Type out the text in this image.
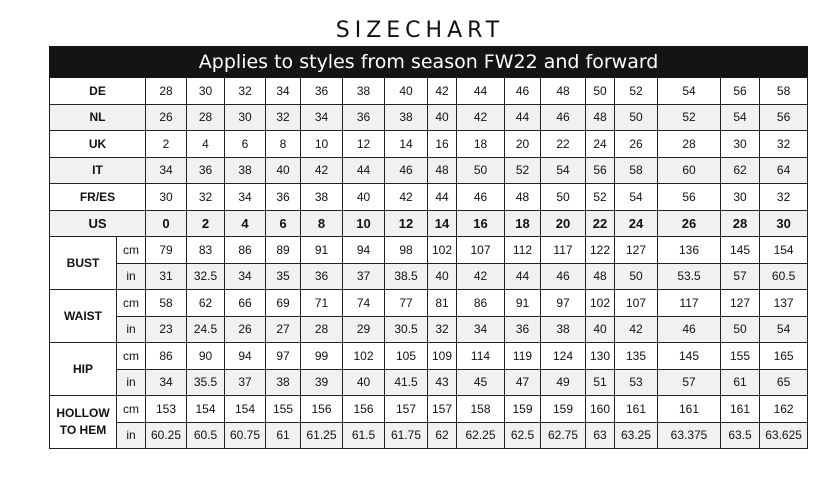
SIZECHART
Applies to styles from season FW22 and forward																	
DE		28	30	32	34	36	38	40	42	44	46	48	50	52	54	56	58
NL		26	28	30	32	34	36	38	40	42	44	46	48	50	52	54	56
UK		2	4	6	8	10	12	14	16	18	20	22	24	26	28	30	32
IT		34	36	38	40	42	44	46	48	50	52	54	56	58	60	62	64
FR/ES		30	32	34	36	38	40	42	44	46	48	50	52	54	56	30	32
US		0	2	4	6	8	10	12	14	16	18	20	22	24	26	28	30

BUST	cm	79	83	86	89	91	94	98	102	107	112	117	122	127	136	145	154
	in	31	32.5	34	35	36	37	38.5	40	42	44	46	48	50	53.5	57	60.5

WAIST	cm	58	62	66	69	71	74	77	81	86	91	97	102	107	117	127	137
	in	23	24.5	26	27	28	29	30.5	32	34	36	38	40	42	46	50	54

HIP	cm	86	90	94	97	99	102	105	109	114	119	124	130	135	145	155	165
	in	34	35.5	37	38	39	40	41.5	43	45	47	49	51	53	57	61	65

HOLLOW
TO HEM	cm	153	154	154	155	156	156	157	157	158	159	159	160	161	161	161	162
	in	60.25	60.5	60.75	61	61.25	61.5	61.75	62	62.25	62.5	62.75	63	63.25	63.375	63.5	63.625
